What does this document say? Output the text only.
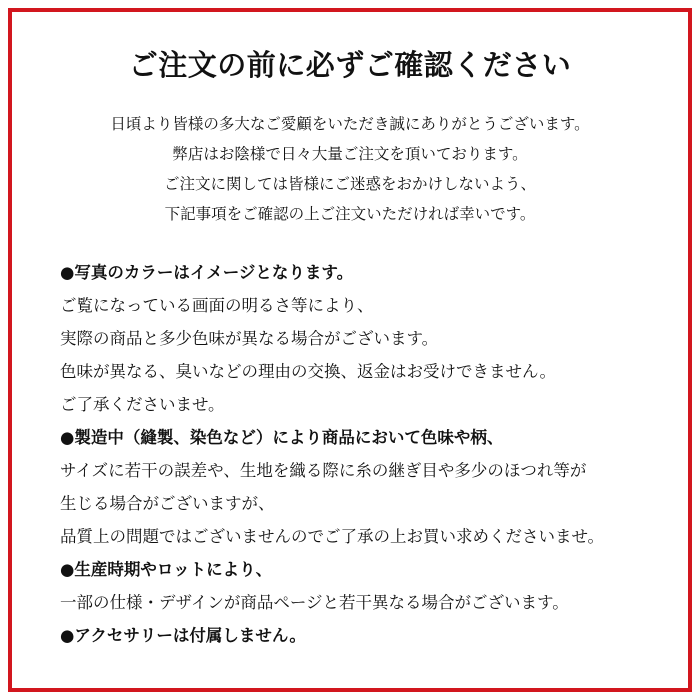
ご注文の前に必ずご確認ください

日頃より皆様の多大なご愛顧をいただき誠にありがとうございます。

弊店はお陰様で日々大量ご注文を頂いております。

ご注文に関しては皆様にご迷惑をおかけしないよう、

下記事項をご確認の上ご注文いただければ幸いです。

●写真のカラーはイメージとなります。

ご覧になっている画面の明るさ等により、

実際の商品と多少色味が異なる場合がございます。

色味が異なる、臭いなどの理由の交換、返金はお受けできません。

ご了承くださいませ。

●製造中（縫製、染色など）により商品において色味や柄、

サイズに若干の誤差や、生地を織る際に糸の継ぎ目や多少のほつれ等が

生じる場合がございますが、

品質上の問題ではございませんのでご了承の上お買い求めくださいませ。

●生産時期やロットにより、

一部の仕様・デザインが商品ページと若干異なる場合がございます。

●アクセサリーは付属しません。
